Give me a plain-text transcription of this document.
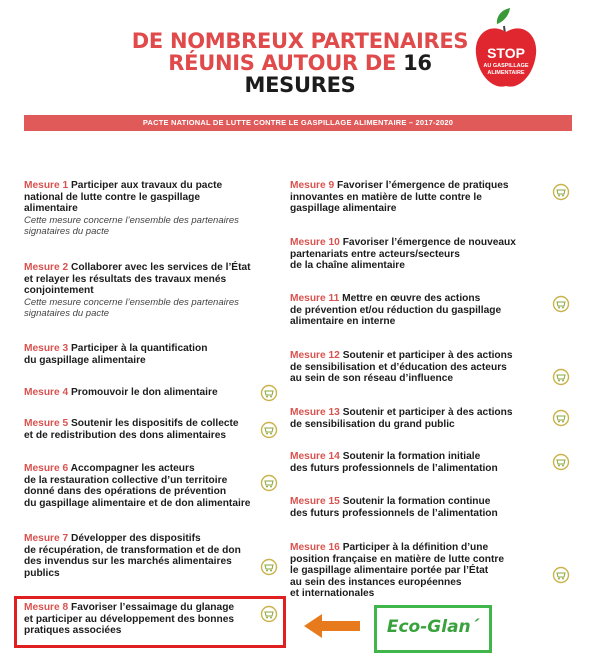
DE NOMBREUX PARTENAIRES
RÉUNIS AUTOUR DE 16 MESURES
STOP
AU GASPILLAGE
ALIMENTAIRE
PACTE NATIONAL DE LUTTE CONTRE LE GASPILLAGE ALIMENTAIRE – 2017-2020
Mesure 1 Participer aux travaux du pacte
national de lutte contre le gaspillage
alimentaire

Cette mesure concerne l’ensemble des partenaires
signataires du pacte
Mesure 2 Collaborer avec les services de l’État
et relayer les résultats des travaux menés
conjointement

Cette mesure concerne l’ensemble des partenaires
signataires du pacte
Mesure 3 Participer à la quantification
du gaspillage alimentaire

Mesure 4 Promouvoir le don alimentaire

Mesure 5 Soutenir les dispositifs de collecte
et de redistribution des dons alimentaires

Mesure 6 Accompagner les acteurs
de la restauration collective d’un territoire
donné dans des opérations de prévention
du gaspillage alimentaire et de don alimentaire

Mesure 7 Développer des dispositifs
de récupération, de transformation et de don
des invendus sur les marchés alimentaires
publics

Mesure 8 Favoriser l’essaimage du glanage
et participer au développement des bonnes
pratiques associées

Mesure 9 Favoriser l’émergence de pratiques
innovantes en matière de lutte contre le
gaspillage alimentaire

Mesure 10 Favoriser l’émergence de nouveaux
partenariats entre acteurs/secteurs
de la chaîne alimentaire

Mesure 11 Mettre en œuvre des actions
de prévention et/ou réduction du gaspillage
alimentaire en interne

Mesure 12 Soutenir et participer à des actions
de sensibilisation et d’éducation des acteurs
au sein de son réseau d’influence

Mesure 13 Soutenir et participer à des actions
de sensibilisation du grand public

Mesure 14 Soutenir la formation initiale
des futurs professionnels de l’alimentation

Mesure 15 Soutenir la formation continue
des futurs professionnels de l’alimentation

Mesure 16 Participer à la définition d’une
position française en matière de lutte contre
le gaspillage alimentaire portée par l’État
au sein des instances européennes
et internationales

Eco-Glan´
